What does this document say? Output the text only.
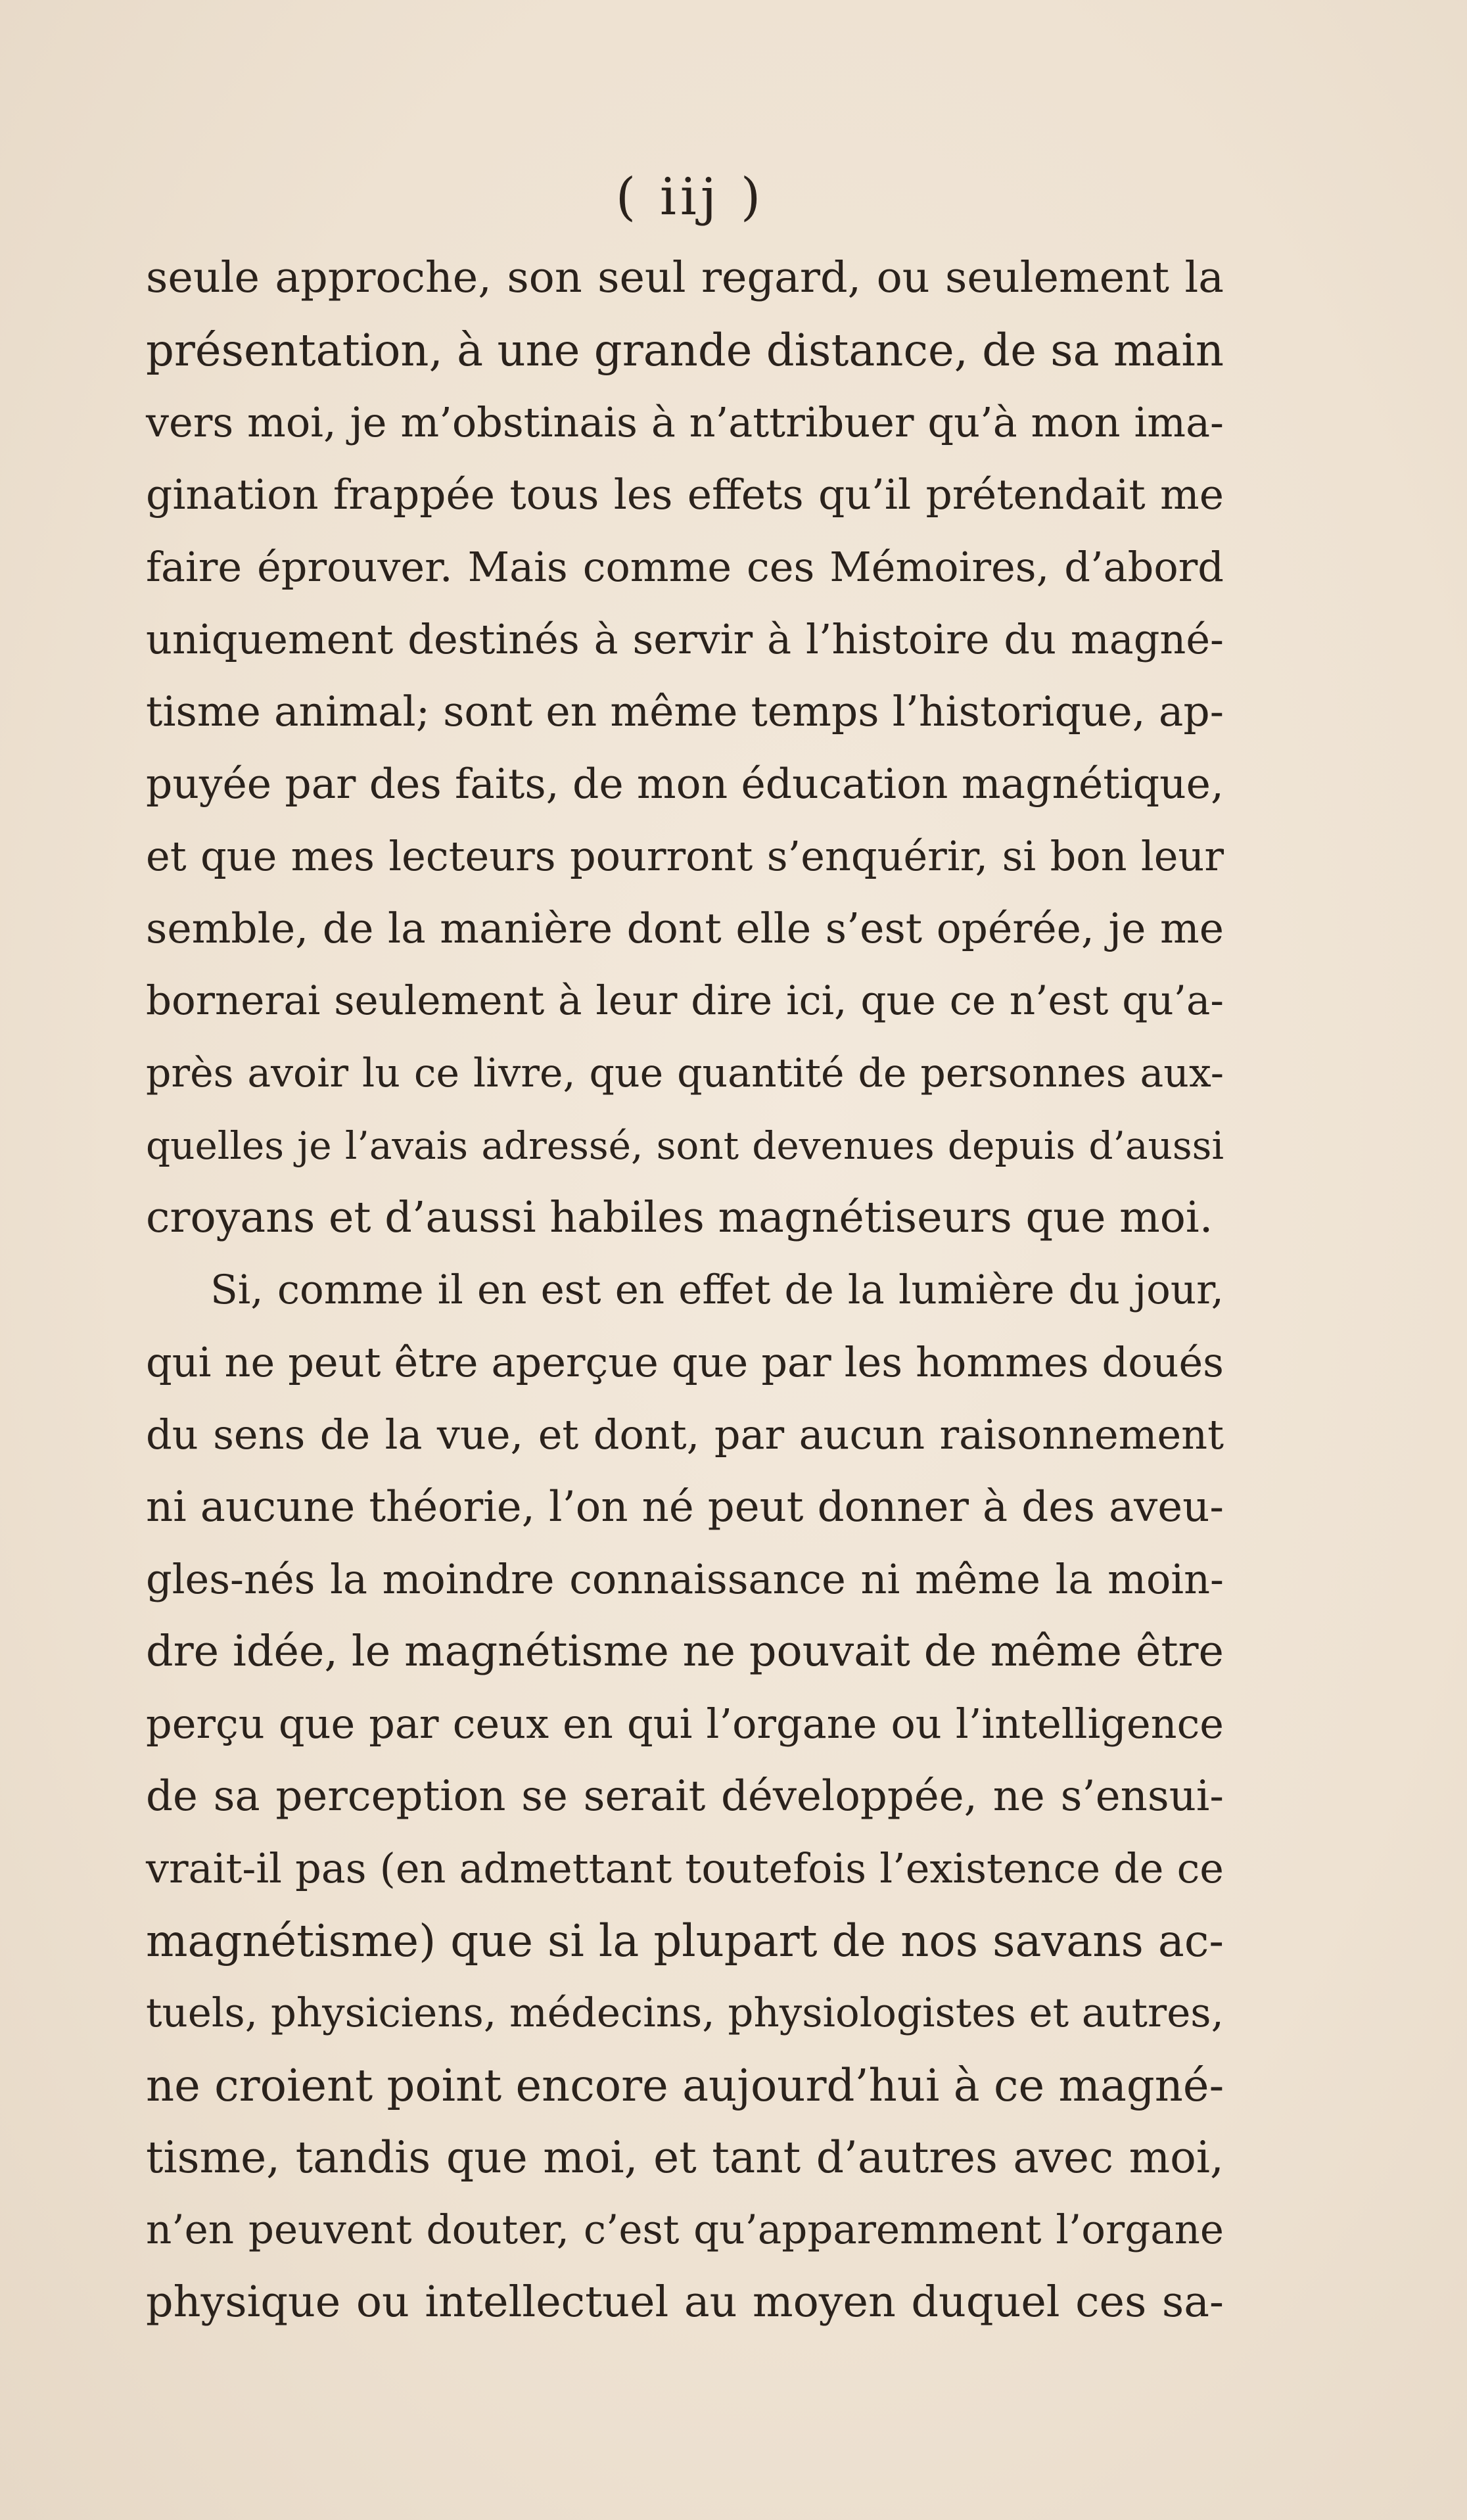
( iij )
seule approche, son seul regard, ou seulement la
présentation, à une grande distance, de sa main
vers moi, je m’obstinais à n’attribuer qu’à mon ima-
gination frappée tous les effets qu’il prétendait me
faire éprouver. Mais comme ces Mémoires, d’abord
uniquement destinés à servir à l’histoire du magné-
tisme animal; sont en même temps l’historique, ap-
puyée par des faits, de mon éducation magnétique,
et que mes lecteurs pourront s’enquérir, si bon leur
semble, de la manière dont elle s’est opérée, je me
bornerai seulement à leur dire ici, que ce n’est qu’a-
près avoir lu ce livre, que quantité de personnes aux-
quelles je l’avais adressé, sont devenues depuis d’aussi
croyans et d’aussi habiles magnétiseurs que moi.
Si, comme il en est en effet de la lumière du jour,
qui ne peut être aperçue que par les hommes doués
du sens de la vue, et dont, par aucun raisonnement
ni aucune théorie, l’on né peut donner à des aveu-
gles-nés la moindre connaissance ni même la moin-
dre idée, le magnétisme ne pouvait de même être
perçu que par ceux en qui l’organe ou l’intelligence
de sa perception se serait développée, ne s’ensui-
vrait-il pas (en admettant toutefois l’existence de ce
magnétisme) que si la plupart de nos savans ac-
tuels, physiciens, médecins, physiologistes et autres,
ne croient point encore aujourd’hui à ce magné-
tisme, tandis que moi, et tant d’autres avec moi,
n’en peuvent douter, c’est qu’apparemment l’organe
physique ou intellectuel au moyen duquel ces sa-
